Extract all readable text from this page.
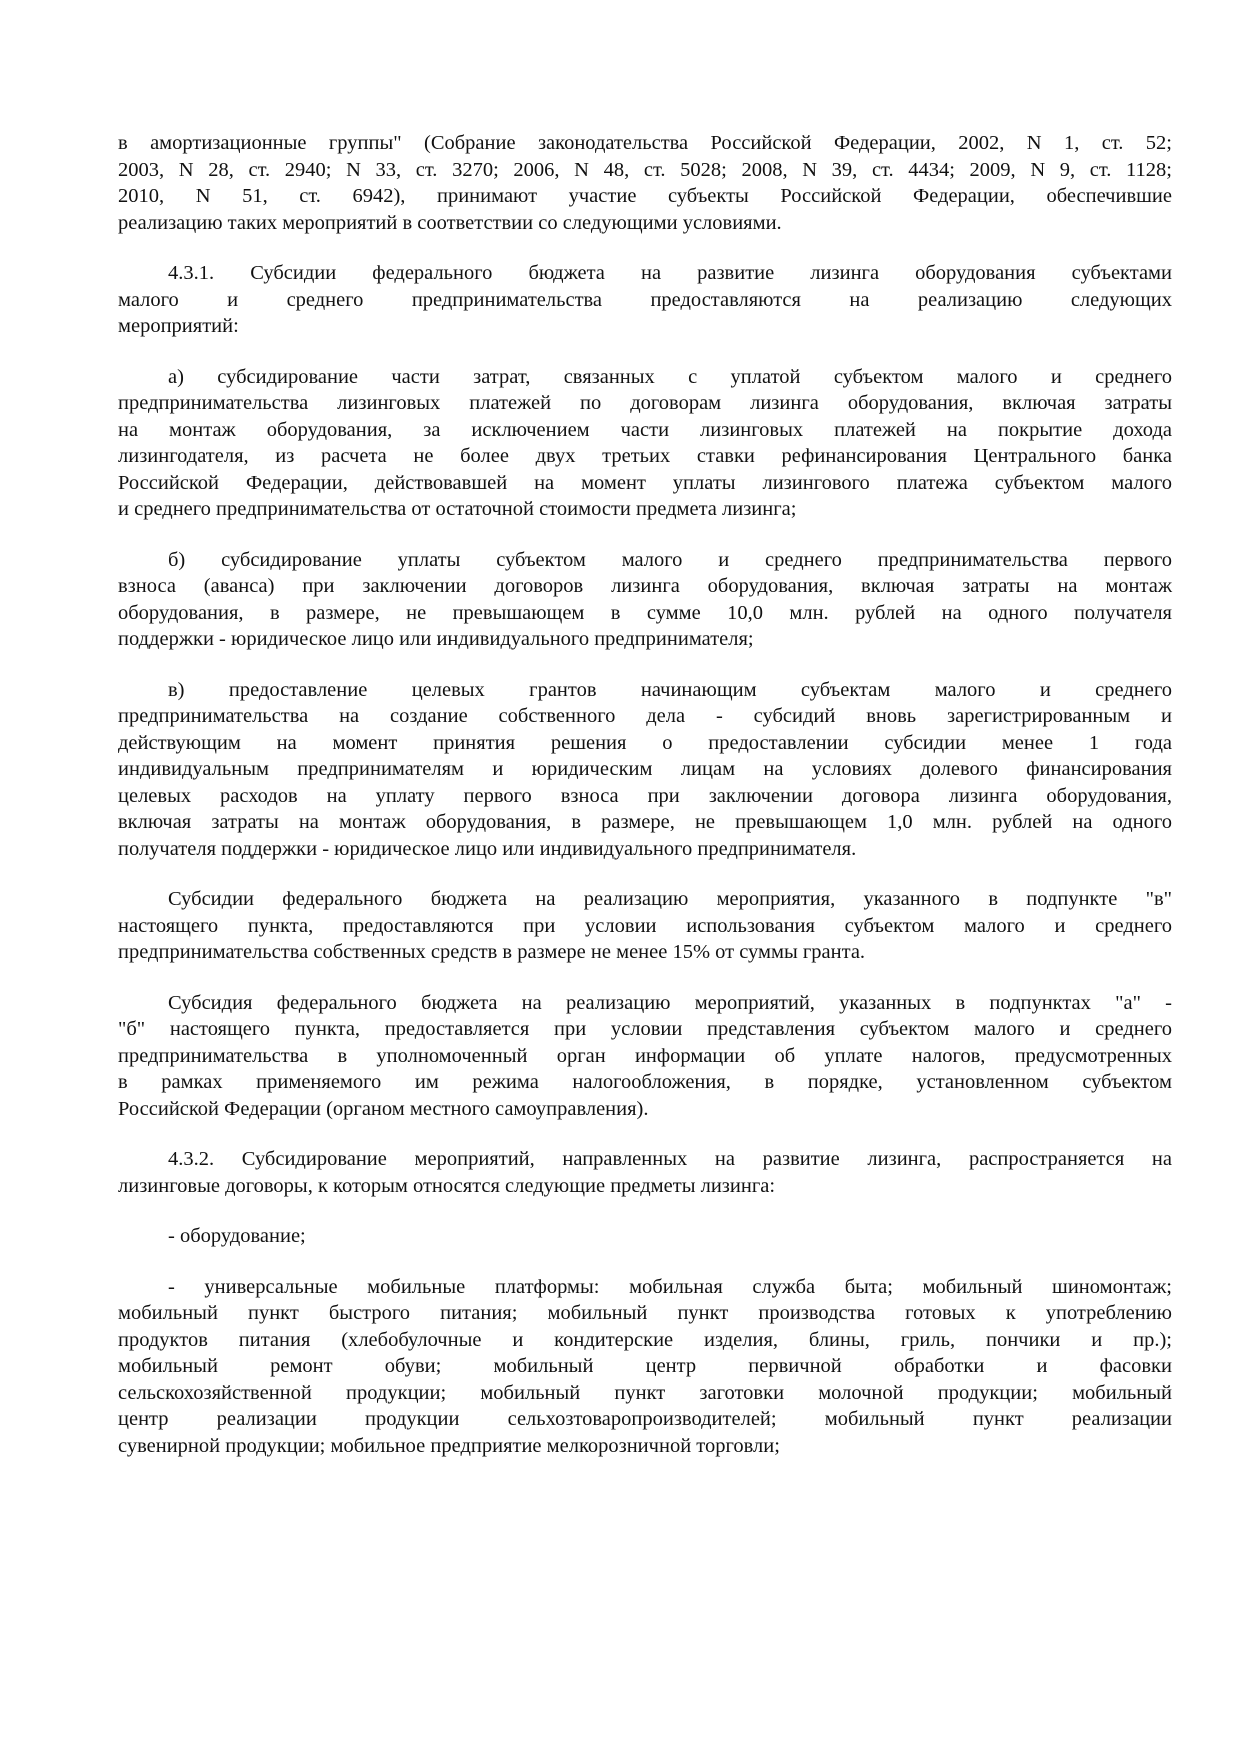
в амортизационные группы" (Собрание законодательства Российской Федерации, 2002, N 1, ст. 52;
2003, N 28, ст. 2940; N 33, ст. 3270; 2006, N 48, ст. 5028; 2008, N 39, ст. 4434; 2009, N 9, ст. 1128;
2010, N 51, ст. 6942), принимают участие субъекты Российской Федерации, обеспечившие
реализацию таких мероприятий в соответствии со следующими условиями.
4.3.1. Субсидии федерального бюджета на развитие лизинга оборудования субъектами
малого и среднего предпринимательства предоставляются на реализацию следующих
мероприятий:
а) субсидирование части затрат, связанных с уплатой субъектом малого и среднего
предпринимательства лизинговых платежей по договорам лизинга оборудования, включая затраты
на монтаж оборудования, за исключением части лизинговых платежей на покрытие дохода
лизингодателя, из расчета не более двух третьих ставки рефинансирования Центрального банка
Российской Федерации, действовавшей на момент уплаты лизингового платежа субъектом малого
и среднего предпринимательства от остаточной стоимости предмета лизинга;
б) субсидирование уплаты субъектом малого и среднего предпринимательства первого
взноса (аванса) при заключении договоров лизинга оборудования, включая затраты на монтаж
оборудования, в размере, не превышающем в сумме 10,0 млн. рублей на одного получателя
поддержки - юридическое лицо или индивидуального предпринимателя;
в) предоставление целевых грантов начинающим субъектам малого и среднего
предпринимательства на создание собственного дела - субсидий вновь зарегистрированным и
действующим на момент принятия решения о предоставлении субсидии менее 1 года
индивидуальным предпринимателям и юридическим лицам на условиях долевого финансирования
целевых расходов на уплату первого взноса при заключении договора лизинга оборудования,
включая затраты на монтаж оборудования, в размере, не превышающем 1,0 млн. рублей на одного
получателя поддержки - юридическое лицо или индивидуального предпринимателя.
Субсидии федерального бюджета на реализацию мероприятия, указанного в подпункте "в"
настоящего пункта, предоставляются при условии использования субъектом малого и среднего
предпринимательства собственных средств в размере не менее 15% от суммы гранта.
Субсидия федерального бюджета на реализацию мероприятий, указанных в подпунктах "а" -
"б" настоящего пункта, предоставляется при условии представления субъектом малого и среднего
предпринимательства в уполномоченный орган информации об уплате налогов, предусмотренных
в рамках применяемого им режима налогообложения, в порядке, установленном субъектом
Российской Федерации (органом местного самоуправления).
4.3.2. Субсидирование мероприятий, направленных на развитие лизинга, распространяется на
лизинговые договоры, к которым относятся следующие предметы лизинга:
- оборудование;
- универсальные мобильные платформы: мобильная служба быта; мобильный шиномонтаж;
мобильный пункт быстрого питания; мобильный пункт производства готовых к употреблению
продуктов питания (хлебобулочные и кондитерские изделия, блины, гриль, пончики и пр.);
мобильный ремонт обуви; мобильный центр первичной обработки и фасовки
сельскохозяйственной продукции; мобильный пункт заготовки молочной продукции; мобильный
центр реализации продукции сельхозтоваропроизводителей; мобильный пункт реализации
сувенирной продукции; мобильное предприятие мелкорозничной торговли;
